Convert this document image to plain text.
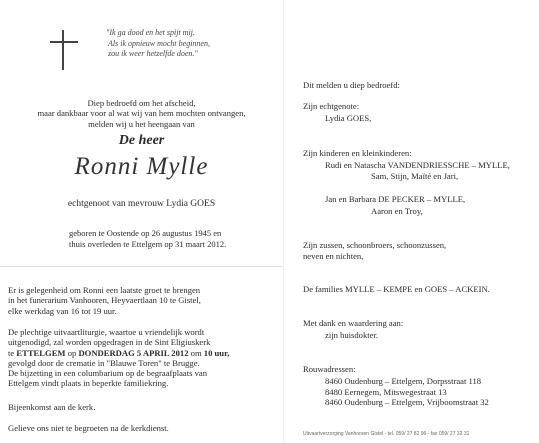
"Ik ga dood en het spijt mij.
Als ik opnieuw mocht beginnen,
zou ik weer hetzelfde doen."
Diep bedroefd om het afscheid,
maar dankbaar voor al wat wij van hem mochten ontvangen,
melden wij u het heengaan van
De heer
Ronni Mylle
echtgenoot van mevrouw Lydia GOES
geboren te Oostende op 26 augustus 1945 en
thuis overleden te Ettelgem op 31 maart 2012.
Er is gelegenheid om Ronni een laatste groet te brengen
in het funerarium Vanhooren, Heyvaertlaan 10 te Gistel,
elke werkdag van 16 tot 19 uur.
De plechtige uitvaartliturgie, waartoe u vriendelijk wordt
uitgenodigd, zal worden opgedragen in de Sint Eligiuskerk
te ETTELGEM op DONDERDAG 5 APRIL 2012 om 10 uur,
gevolgd door de crematie in "Blauwe Toren" te Brugge.
De bijzetting in een columbarium op de begraafplaats van
Ettelgem vindt plaats in beperkte familiekring.
Bijeenkomst aan de kerk.
Gelieve ons niet te begroeten na de kerkdienst.
Dit melden u diep bedroefd:
Zijn echtgenote:
Lydia GOES,
Zijn kinderen en kleinkinderen:
Rudi en Natascha VANDENDRIESSCHE – MYLLE,
Sam, Stijn, Maïté en Jari,
Jan en Barbara DE PECKER – MYLLE,
Aaron en Troy,
Zijn zussen, schoonbroers, schoonzussen,
neven en nichten,
De families MYLLE – KEMPE en GOES – ACKEIN.
Met dank en waardering aan:
zijn huisdokter.
Rouwadressen:
8460 Oudenburg – Ettelgem, Dorpsstraat 118
8480 Eernegem, Mitswegestraat 13
8460 Oudenburg – Ettelgem, Vrijboomstraat 32
Uitvaartverzorging Vanhooren Gistel - tel. 059/ 27 82 96 - fax 059/ 27 32 31
